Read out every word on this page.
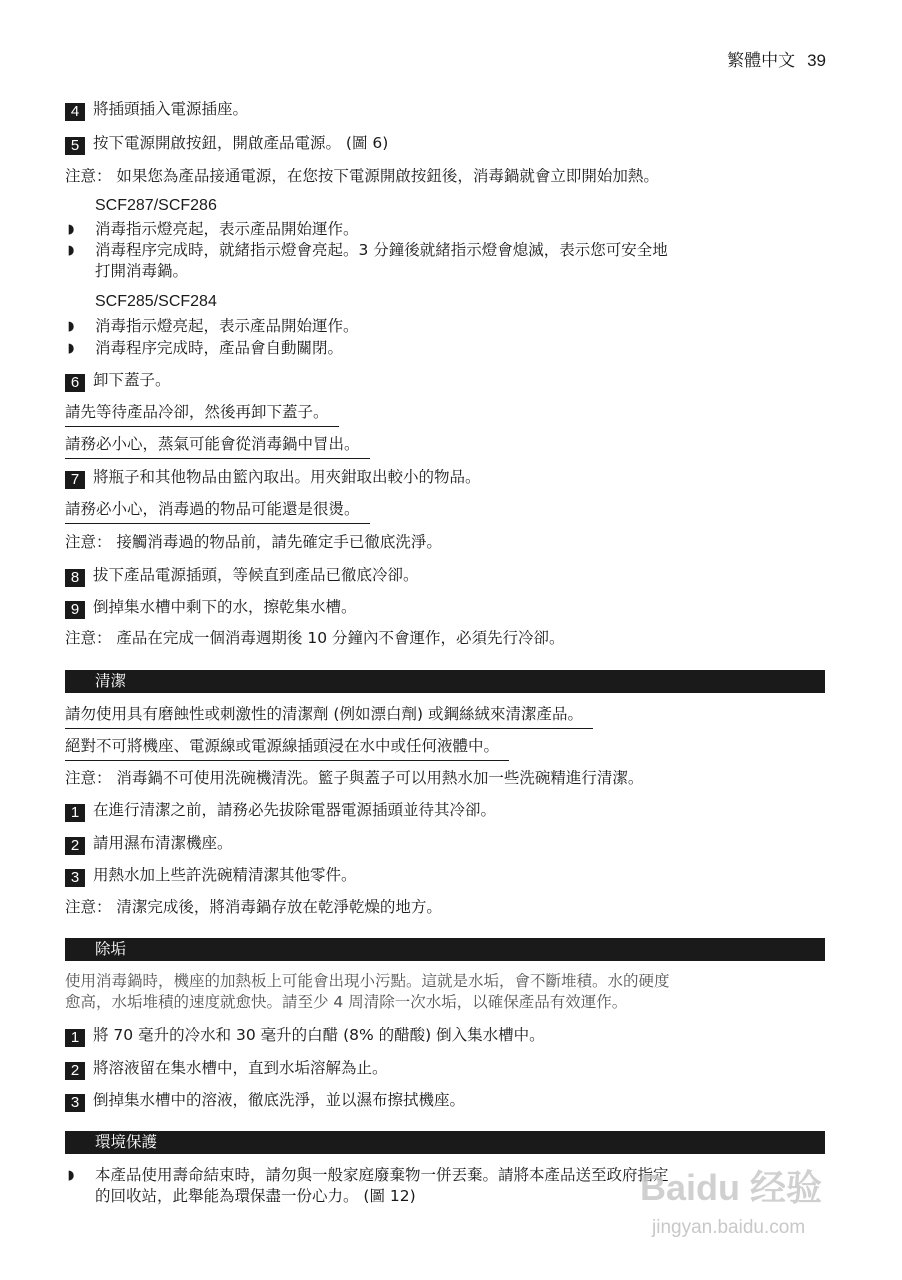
繁體中文 39
4 將插頭插入電源插座。
5 按下電源開啟按鈕，開啟產品電源。 (圖 6)
注意： 如果您為產品接通電源，在您按下電源開啟按鈕後，消毒鍋就會立即開始加熱。
SCF287/SCF286
◗ 消毒指示燈亮起，表示產品開始運作。
◗ 消毒程序完成時，就緒指示燈會亮起。3 分鐘後就緒指示燈會熄滅，表示您可安全地
打開消毒鍋。
SCF285/SCF284
◗ 消毒指示燈亮起，表示產品開始運作。
◗ 消毒程序完成時，產品會自動關閉。
6 卸下蓋子。
請先等待產品冷卻，然後再卸下蓋子。
請務必小心，蒸氣可能會從消毒鍋中冒出。
7 將瓶子和其他物品由籃內取出。用夾鉗取出較小的物品。
請務必小心，消毒過的物品可能還是很燙。
注意： 接觸消毒過的物品前，請先確定手已徹底洗淨。
8 拔下產品電源插頭，等候直到產品已徹底冷卻。
9 倒掉集水槽中剩下的水，擦乾集水槽。
注意： 產品在完成一個消毒週期後 10 分鐘內不會運作，必須先行冷卻。
清潔
請勿使用具有磨蝕性或刺激性的清潔劑 (例如漂白劑) 或鋼絲絨來清潔產品。
絕對不可將機座、電源線或電源線插頭浸在水中或任何液體中。
注意： 消毒鍋不可使用洗碗機清洗。籃子與蓋子可以用熱水加一些洗碗精進行清潔。
1 在進行清潔之前，請務必先拔除電器電源插頭並待其冷卻。
2 請用濕布清潔機座。
3 用熱水加上些許洗碗精清潔其他零件。
注意： 清潔完成後，將消毒鍋存放在乾淨乾燥的地方。
除垢
使用消毒鍋時，機座的加熱板上可能會出現小污點。這就是水垢，會不斷堆積。水的硬度
愈高，水垢堆積的速度就愈快。請至少 4 周清除一次水垢，以確保產品有效運作。
1 將 70 毫升的冷水和 30 毫升的白醋 (8% 的醋酸) 倒入集水槽中。
2 將溶液留在集水槽中，直到水垢溶解為止。
3 倒掉集水槽中的溶液，徹底洗淨，並以濕布擦拭機座。
環境保護
◗ 本產品使用壽命結束時，請勿與一般家庭廢棄物一併丟棄。請將本產品送至政府指定
的回收站，此舉能為環保盡一份心力。 (圖 12)	Baidu 经验
jingyan.baidu.com
